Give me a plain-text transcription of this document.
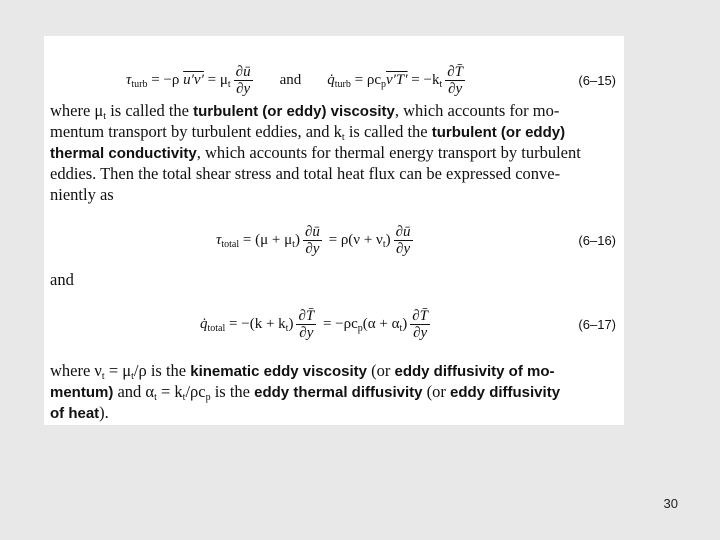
$\tau_{turb} = -\rho$ $u'v' = \mu_t \frac{\partial ū}{\partial y}$ and $q̇_{turb} = \rho c_pv'T' = -k_t \frac{\partial T̄}{\partial y}$	(6–15)
where $\mu_t$ is called the turbulent (or eddy) viscosity, which accounts for mo-
mentum transport by turbulent eddies, and $k_t$ is called the turbulent (or eddy)
thermal conductivity, which accounts for thermal energy transport by turbulent
eddies. Then the total shear stress and total heat flux can be expressed conve-
niently as
$\tau_{total} = (\mu + \mu_t) \frac{\partial ū}{\partial y} = \rho(\nu + \nu_t) \frac{\partial ū}{\partial y}$	(6–16)
and
$q̇_{total} = -(k + k_t) \frac{\partial T̄}{\partial y} = -\rho c_p(\alpha + \alpha_t) \frac{\partial T̄}{\partial y}$	(6–17)
where $\nu_t = \mu_t/\rho$ is the kinematic eddy viscosity (or eddy diffusivity of mo-
mentum) and $\alpha_t = k_t/\rho c_p$ is the eddy thermal diffusivity (or eddy diffusivity
of heat).
30
